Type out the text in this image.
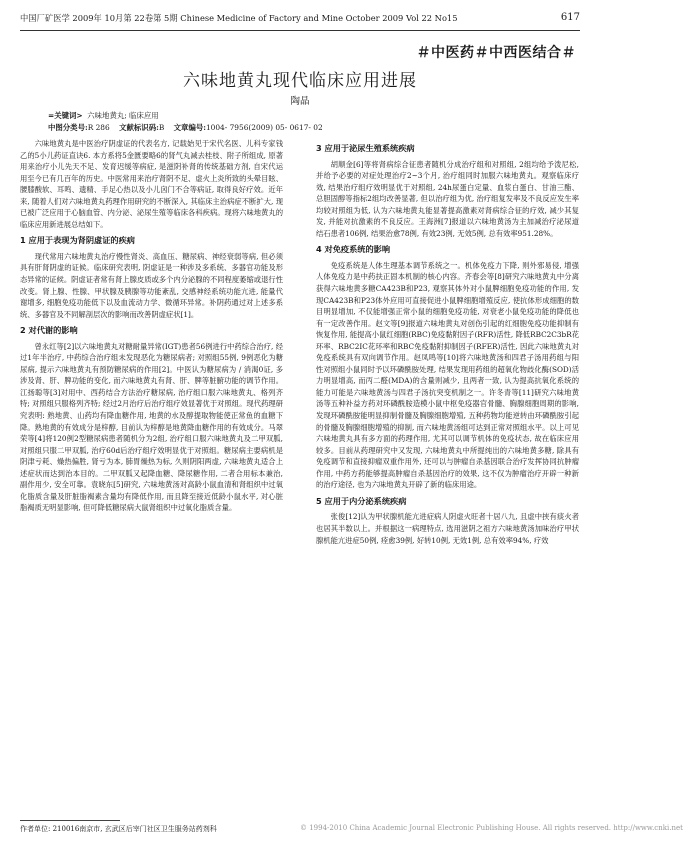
中国厂矿医学 2009年 10月第 22卷第 5期 Chinese Medicine of Factory and Mine October 2009 Vol 22 No15	617
＃中医药＃中西医结合＃
六味地黄丸现代临床应用进展
陶晶
=关键词> 六味地黄丸; 临床应用
中图分类号:R 286 文献标识码:B 文章编号:1004- 7956(2009) 05- 0617- 02

六味地黄丸是中医治疗阴虚证的代表名方, 记载始见于宋代名医、儿科专家钱乙的5小儿药证直诀6. 本方系将5金匮要略6的肾气丸减去桂枝、附子所组成, 原著用来治疗小儿先天不足、发育迟缓等病症, 是滋阴补肾的传统基础方剂, 自宋代运用至今已有几百年的历史。中医常用来治疗肾阴不足、虚火上炎所致的头晕目眩、腰膝酸软、耳鸣、遗精、手足心热以及小儿囟门不合等病证, 取得良好疗效。近年来, 随着人们对六味地黄丸药理作用研究的不断深入, 其临床主治病症不断扩大, 现已被广泛应用于心脑血管、内分泌、泌尿生殖等临床各科疾病。现将六味地黄丸的临床应用新进展总结如下。

1 应用于表现为肾阴虚证的疾病

现代常用六味地黄丸治疗慢性肾炎、高血压、糖尿病、神经衰弱等病, 但必须具有肝肾阴虚的证候。临床研究表明, 阴虚证是一种涉及多系统、多器官功能及形态异常的证候。阴虚证者常有肾上腺皮质或多个内分泌腺的不同程度萎缩或退行性改变。肾上腺、性腺、甲状腺及胰腺等功能紊乱, 交感神经系统功能亢进, 能量代谢增多, 细胞免疫功能低下以及血流动力学、微循环异常。补阴药通过对上述多系统、多器官及不同解剖层次的影响而改善阴虚症状[1]。

2 对代谢的影响

曾永红等[2]以六味地黄丸对糖耐量异常(IGT)患者56例进行中药综合治疗, 经过1年半治疗, 中药综合治疗组未发现恶化为糖尿病者; 对照组55例, 9例恶化为糖尿病, 提示六味地黄丸有预防糖尿病的作用[2]。中医认为糖尿病为 / 消渴0证, 多涉及肾、肝、脾功能的变化, 而六味地黄丸有肾、肝、脾等脏腑功能的调节作用。江扬聪等[3]对用中、西药结合方法治疗糖尿病, 治疗组口服六味地黄丸、格列齐特; 对照组只服格列齐特; 经过2月治疗后治疗组疗效显著优于对照组。现代药理研究表明: 熟地黄、山药均有降血糖作用, 地黄的水及醇提取物能使正常鱼的血糖下降。熟地黄的有效成分是梓醇, 目前认为梓醇是地黄降血糖作用的有效成分。马翠荣等[4]将120例2型糖尿病患者随机分为2组, 治疗组口服六味地黄丸及二甲双胍, 对照组只服二甲双胍, 治疗60d后治疗组疗效明显优于对照组。糖尿病主要病机是阴津亏耗、燥热偏胜, 肾亏为本, 肺胃燥热为标, 久则阴阳两虚, 六味地黄丸适合上述症状而达到治本目的。二甲双胍又起降血糖、降尿糖作用, 二者合用标本兼治, 副作用少, 安全可靠。袁晓东[5]研究, 六味地黄汤对高龄小鼠血清和肾组织中过氧化脂质含量及肝脏脂褐素含量均有降低作用, 而且降至接近低龄小鼠水平, 对心脏脂褐质无明显影响, 但可降低糖尿病大鼠肾组织中过氧化脂质含量。

3 应用于泌尿生殖系统疾病

胡顺金[6]等将肾病综合征患者随机分成治疗组和对照组, 2组均给予泼尼松, 并给予必要的对症处理治疗2~3个月, 治疗组同时加服六味地黄丸。观察临床疗效, 结果治疗组疗效明显优于对照组, 24h尿蛋白定量、血浆白蛋白、甘油三酯、总胆固醇等指标2组均改善显著, 但以治疗组为优, 治疗组复发率及不良反应发生率均较对照组为低, 认为六味地黄丸能显著提高激素对肾病综合征的疗效, 减少其复发, 并能对抗激素的不良反应。王海洲[7]报道以六味地黄汤为主加减治疗泌尿道结石患者106例, 结果治愈78例, 有效23例, 无效5例, 总有效率951.28%。

4 对免疫系统的影响

免疫系统是人体生理基本调节系统之一。机体免疫力下降, 则外邪易侵, 增强人体免疫力是中药扶正固本机制的核心内容。齐春会等[8]研究六味地黄丸中分离获得六味地黄多糖CA423B和P23, 观察其体外对小鼠脾细胞免疫功能的作用, 发现CA423B和P23体外应用可直接促进小鼠脾细胞增殖反应, 使抗体形成细胞的数目明显增加, 不仅能增强正常小鼠的细胞免疫功能, 对衰老小鼠免疫功能的降低也有一定改善作用。赵文等[9]报道六味地黄丸对创伤引起的红细胞免疫功能抑制有恢复作用, 能提高小鼠红细胞(RBC)免疫黏附因子(RFR)活性, 降低RBC2C3bR花环率、RBC2IC花环率和RBC免疫黏附抑制因子(RFER)活性, 因此六味地黄丸对免疫系统具有双向调节作用。赵凤鸣等[10]将六味地黄汤和四君子汤用药组与阳性对照组小鼠同时予以环磷酰胺处理, 结果发现用药组的超氧化物歧化酶(SOD)活力明显增高, 而丙二醛(MDA)的含量则减少, 且两者一致, 认为提高抗氧化系统的能力可能是六味地黄汤与四君子汤抗突变机制之一。许冬青等[11]研究六味地黄汤等五种补益方药对环磷酰胺造模小鼠中枢免疫器官骨髓、胸腺细胞周期的影响, 发现环磷酰胺能明显抑制骨髓及胸腺细胞增殖, 五种药物均能逆转由环磷酰胺引起的骨髓及胸腺细胞增殖的抑制, 而六味地黄汤组可达到正常对照组水平。以上可见六味地黄丸具有多方面的药理作用, 尤其可以调节机体的免疫状态, 故在临床应用较多。目前从药理研究中又发现, 六味地黄丸中所提纯出的六味地黄多糖, 除具有免疫调节和直接抑瘤双重作用外, 还可以与肿瘤自杀基因联合治疗发挥协同抗肿瘤作用, 中药方药能够提高肿瘤自杀基因治疗的效果, 这不仅为肿瘤治疗开辟一种新的治疗途径, 也为六味地黄丸开辟了新的临床用途。

5 应用于内分泌系统疾病

张俊[12]认为甲状腺机能亢进症病人阴虚火旺者十居八九, 且虚中挟有痰火者也居其半数以上。并根据这一病理特点, 选用滋阴之祖方六味地黄汤加味治疗甲状腺机能亢进症50例, 痊愈39例, 好转10例, 无效1例, 总有效率94%, 疗效

作者单位: 210016南京市, 玄武区后宰门社区卫生服务站药剂科	© 1994-2010 China Academic Journal Electronic Publishing House. All rights reserved. http://www.cnki.net
